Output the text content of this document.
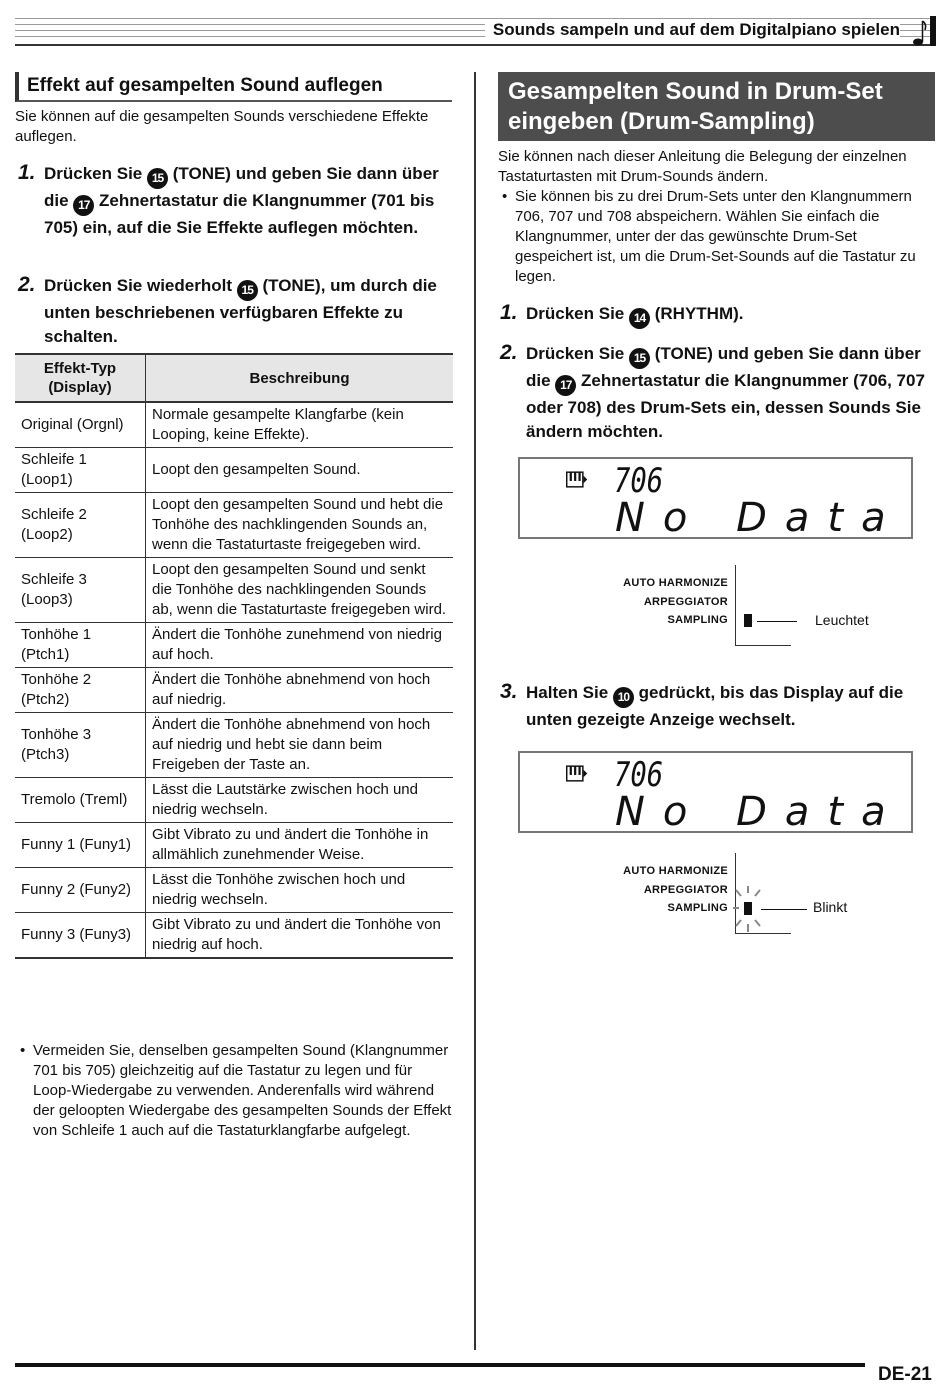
Sounds sampeln und auf dem Digitalpiano spielen
Effekt auf gesampelten Sound auflegen
Sie können auf die gesampelten Sounds verschiedene Effekte auflegen.
1. Drücken Sie 15 (TONE) und geben Sie dann über die 17 Zehnertastatur die Klangnummer (701 bis 705) ein, auf die Sie Effekte auflegen möchten.
2. Drücken Sie wiederholt 15 (TONE), um durch die unten beschriebenen verfügbaren Effekte zu schalten.
Effekt-Typ (Display)	Beschreibung
Original (Orgnl)	Normale gesampelte Klangfarbe (kein Looping, keine Effekte).
Schleife 1 (Loop1)	Loopt den gesampelten Sound.
Schleife 2 (Loop2)	Loopt den gesampelten Sound und hebt die Tonhöhe des nachklingenden Sounds an, wenn die Tastaturtaste freigegeben wird.
Schleife 3 (Loop3)	Loopt den gesampelten Sound und senkt die Tonhöhe des nachklingenden Sounds ab, wenn die Tastaturtaste freigegeben wird.
Tonhöhe 1 (Ptch1)	Ändert die Tonhöhe zunehmend von niedrig auf hoch.
Tonhöhe 2 (Ptch2)	Ändert die Tonhöhe abnehmend von hoch auf niedrig.
Tonhöhe 3 (Ptch3)	Ändert die Tonhöhe abnehmend von hoch auf niedrig und hebt sie dann beim Freigeben der Taste an.
Tremolo (Treml)	Lässt die Lautstärke zwischen hoch und niedrig wechseln.
Funny 1 (Funy1)	Gibt Vibrato zu und ändert die Tonhöhe in allmählich zunehmender Weise.
Funny 2 (Funy2)	Lässt die Tonhöhe zwischen hoch und niedrig wechseln.
Funny 3 (Funy3)	Gibt Vibrato zu und ändert die Tonhöhe von niedrig auf hoch.
• Vermeiden Sie, denselben gesampelten Sound (Klangnummer 701 bis 705) gleichzeitig auf die Tastatur zu legen und für Loop-Wiedergabe zu verwenden. Anderenfalls wird während der geloopten Wiedergabe des gesampelten Sounds der Effekt von Schleife 1 auch auf die Tastaturklangfarbe aufgelegt.
Gesampelten Sound in Drum-Set eingeben (Drum-Sampling)
Sie können nach dieser Anleitung die Belegung der einzelnen Tastaturtasten mit Drum-Sounds ändern.
• Sie können bis zu drei Drum-Sets unter den Klangnummern 706, 707 und 708 abspeichern. Wählen Sie einfach die Klangnummer, unter der das gewünschte Drum-Set gespeichert ist, um die Drum-Set-Sounds auf die Tastatur zu legen.
1. Drücken Sie 14 (RHYTHM).
2. Drücken Sie 15 (TONE) und geben Sie dann über die 17 Zehnertastatur die Klangnummer (706, 707 oder 708) des Drum-Sets ein, dessen Sounds Sie ändern möchten.
706
No Data
AUTO HARMONIZE
ARPEGGIATOR
SAMPLING	Leuchtet
3. Halten Sie 10 gedrückt, bis das Display auf die unten gezeigte Anzeige wechselt.
706
No Data
AUTO HARMONIZE
ARPEGGIATOR
SAMPLING	Blinkt
DE-21
